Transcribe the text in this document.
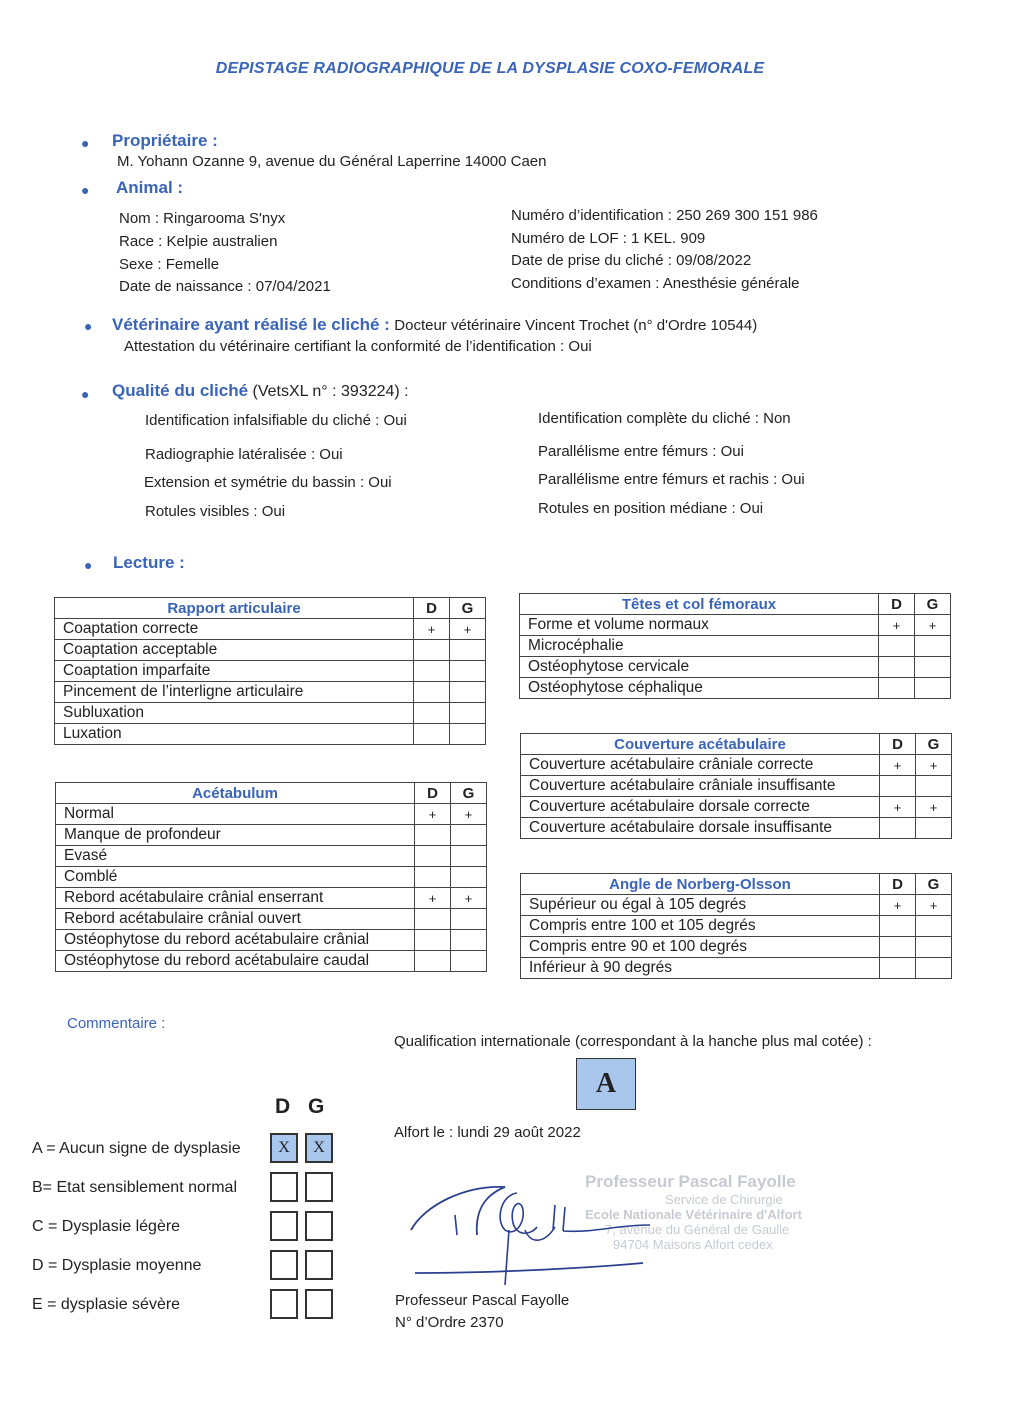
DEPISTAGE RADIOGRAPHIQUE DE LA DYSPLASIE COXO-FEMORALE
● Propriétaire :
M. Yohann Ozanne 9, avenue du Général Laperrine 14000 Caen
● Animal :
Nom : Ringarooma S'nyx
Race : Kelpie australien
Sexe : Femelle
Date de naissance : 07/04/2021
Numéro d’identification : 250 269 300 151 986
Numéro de LOF : 1 KEL. 909
Date de prise du cliché : 09/08/2022
Conditions d’examen : Anesthésie générale
● Vétérinaire ayant réalisé le cliché : Docteur vétérinaire Vincent Trochet (n° d'Ordre 10544)
Attestation du vétérinaire certifiant la conformité de l’identification : Oui
● Qualité du cliché (VetsXL n° : 393224) :
Identification infalsifiable du cliché : Oui
Radiographie latéralisée : Oui
Extension et symétrie du bassin : Oui
Rotules visibles : Oui
Identification complète du cliché : Non
Parallélisme entre fémurs : Oui
Parallélisme entre fémurs et rachis : Oui
Rotules en position médiane : Oui
● Lecture :
Rapport articulaire	D	G
Coaptation correcte	+	+
Coaptation acceptable		
Coaptation imparfaite		
Pincement de l’interligne articulaire		
Subluxation		
Luxation		
Acétabulum	D	G
Normal	+	+
Manque de profondeur		
Evasé		
Comblé		
Rebord acétabulaire crânial enserrant	+	+
Rebord acétabulaire crânial ouvert		
Ostéophytose du rebord acétabulaire crânial		
Ostéophytose du rebord acétabulaire caudal		
Têtes et col fémoraux	D	G
Forme et volume normaux	+	+
Microcéphalie		
Ostéophytose cervicale		
Ostéophytose céphalique		
Couverture acétabulaire	D	G
Couverture acétabulaire crâniale correcte	+	+
Couverture acétabulaire crâniale insuffisante		
Couverture acétabulaire dorsale correcte	+	+
Couverture acétabulaire dorsale insuffisante		
Angle de Norberg-Olsson	D	G
Supérieur ou égal à 105 degrés	+	+
Compris entre 100 et 105 degrés		
Compris entre 90 et 100 degrés		
Inférieur à 90 degrés		
Commentaire :
Qualification internationale (correspondant à la hanche plus mal cotée) :
A
D G
A = Aucun signe de dysplasie	X	X
B= Etat sensiblement normal
C = Dysplasie légère
D = Dysplasie moyenne
E = dysplasie sévère
Alfort le : lundi 29 août 2022
Professeur Pascal Fayolle
Service de Chirurgie
Ecole Nationale Vétérinaire d'Alfort
7, avenue du Général de Gaulle
94704 Maisons Alfort cedex
Professeur Pascal Fayolle
N° d’Ordre 2370
